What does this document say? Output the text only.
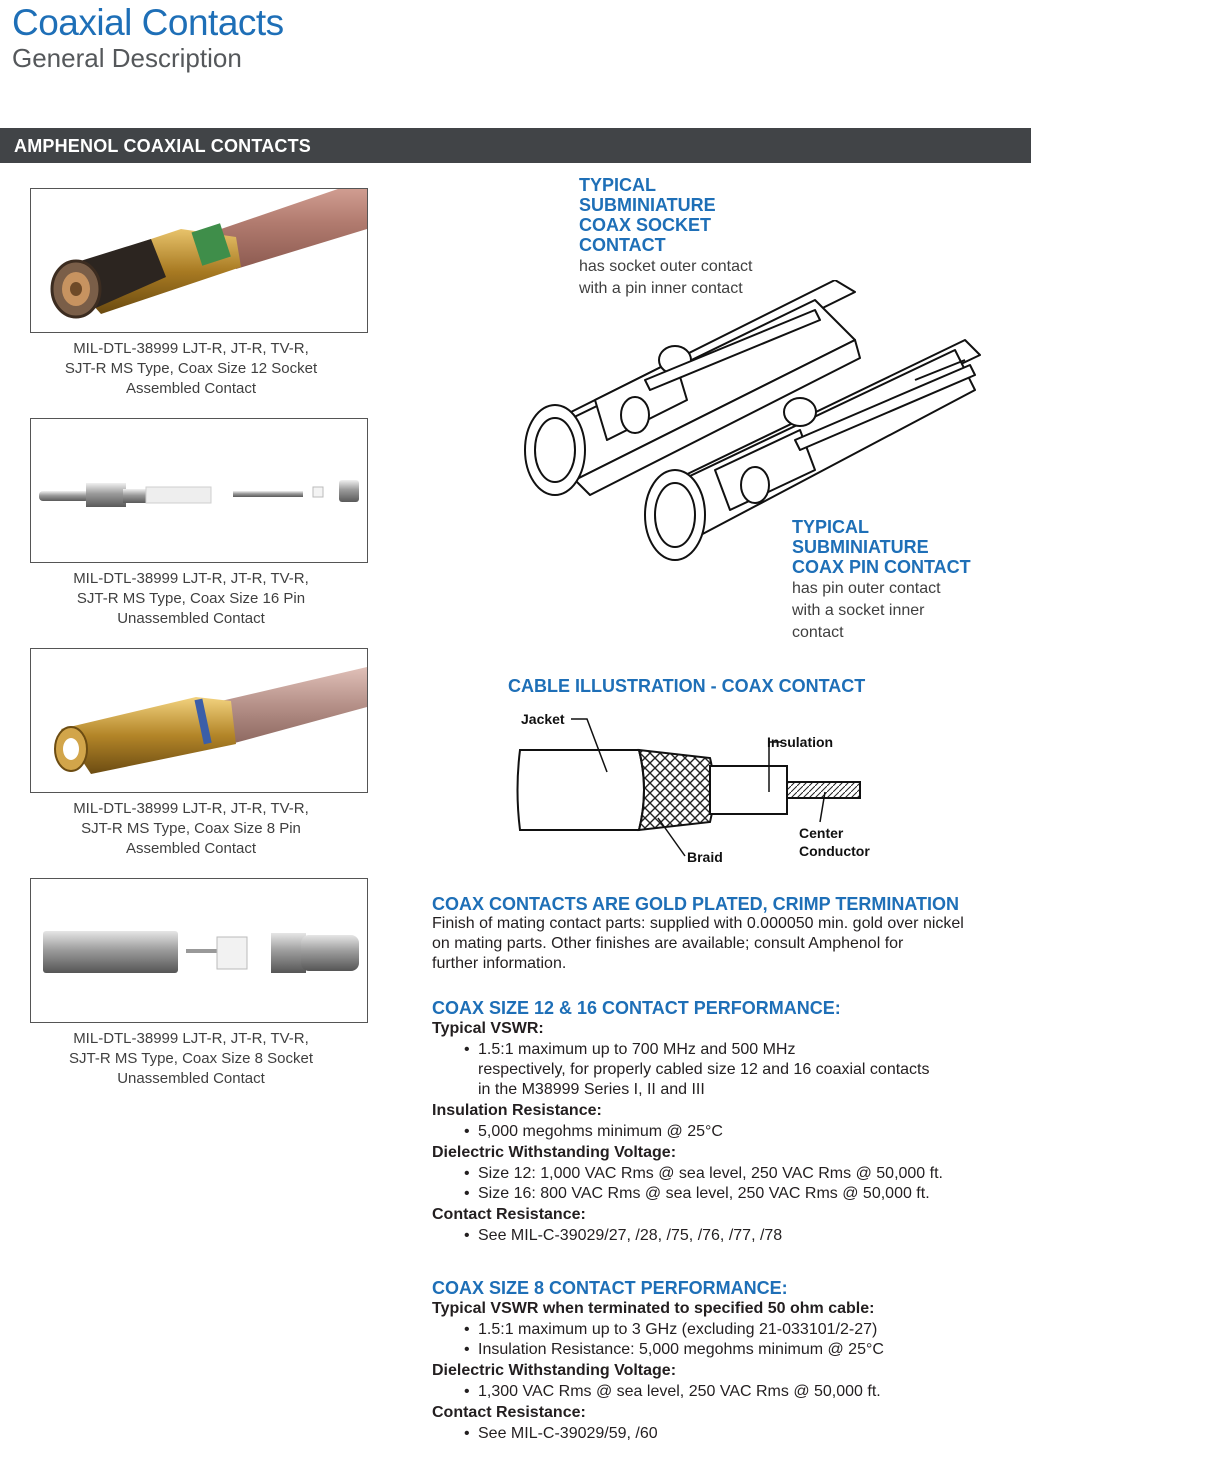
Coaxial Contacts
General Description
AMPHENOL COAXIAL CONTACTS
MIL-DTL-38999 LJT-R, JT-R, TV-R,
SJT-R MS Type, Coax Size 12 Socket
Assembled Contact
MIL-DTL-38999 LJT-R, JT-R, TV-R,
SJT-R MS Type, Coax Size 16 Pin
Unassembled Contact
MIL-DTL-38999 LJT-R, JT-R, TV-R,
SJT-R MS Type, Coax Size 8 Pin
Assembled Contact
MIL-DTL-38999 LJT-R, JT-R, TV-R,
SJT-R MS Type, Coax Size 8 Socket
Unassembled Contact
TYPICAL
SUBMINIATURE
COAX SOCKET
CONTACT
has socket outer contact
with a pin inner contact
TYPICAL
SUBMINIATURE
COAX PIN CONTACT
has pin outer contact
with a socket inner
contact
CABLE ILLUSTRATION - COAX CONTACT
Jacket
Insulation
Braid
Center
Conductor
COAX CONTACTS ARE GOLD PLATED, CRIMP TERMINATION
Finish of mating contact parts: supplied with 0.000050 min. gold over nickel
on mating parts. Other finishes are available; consult Amphenol for
further information.
COAX SIZE 12 & 16 CONTACT PERFORMANCE:
Typical VSWR:
• 1.5:1 maximum up to 700 MHz and 500 MHz
respectively, for properly cabled size 12 and 16 coaxial contacts
in the M38999 Series I, II and III
Insulation Resistance:
• 5,000 megohms minimum @ 25°C
Dielectric Withstanding Voltage:
• Size 12: 1,000 VAC Rms @ sea level, 250 VAC Rms @ 50,000 ft.
• Size 16: 800 VAC Rms @ sea level, 250 VAC Rms @ 50,000 ft.
Contact Resistance:
• See MIL-C-39029/27, /28, /75, /76, /77, /78
COAX SIZE 8 CONTACT PERFORMANCE:
Typical VSWR when terminated to specified 50 ohm cable:
• 1.5:1 maximum up to 3 GHz (excluding 21-033101/2-27)
• Insulation Resistance: 5,000 megohms minimum @ 25°C
Dielectric Withstanding Voltage:
• 1,300 VAC Rms @ sea level, 250 VAC Rms @ 50,000 ft.
Contact Resistance:
• See MIL-C-39029/59, /60
